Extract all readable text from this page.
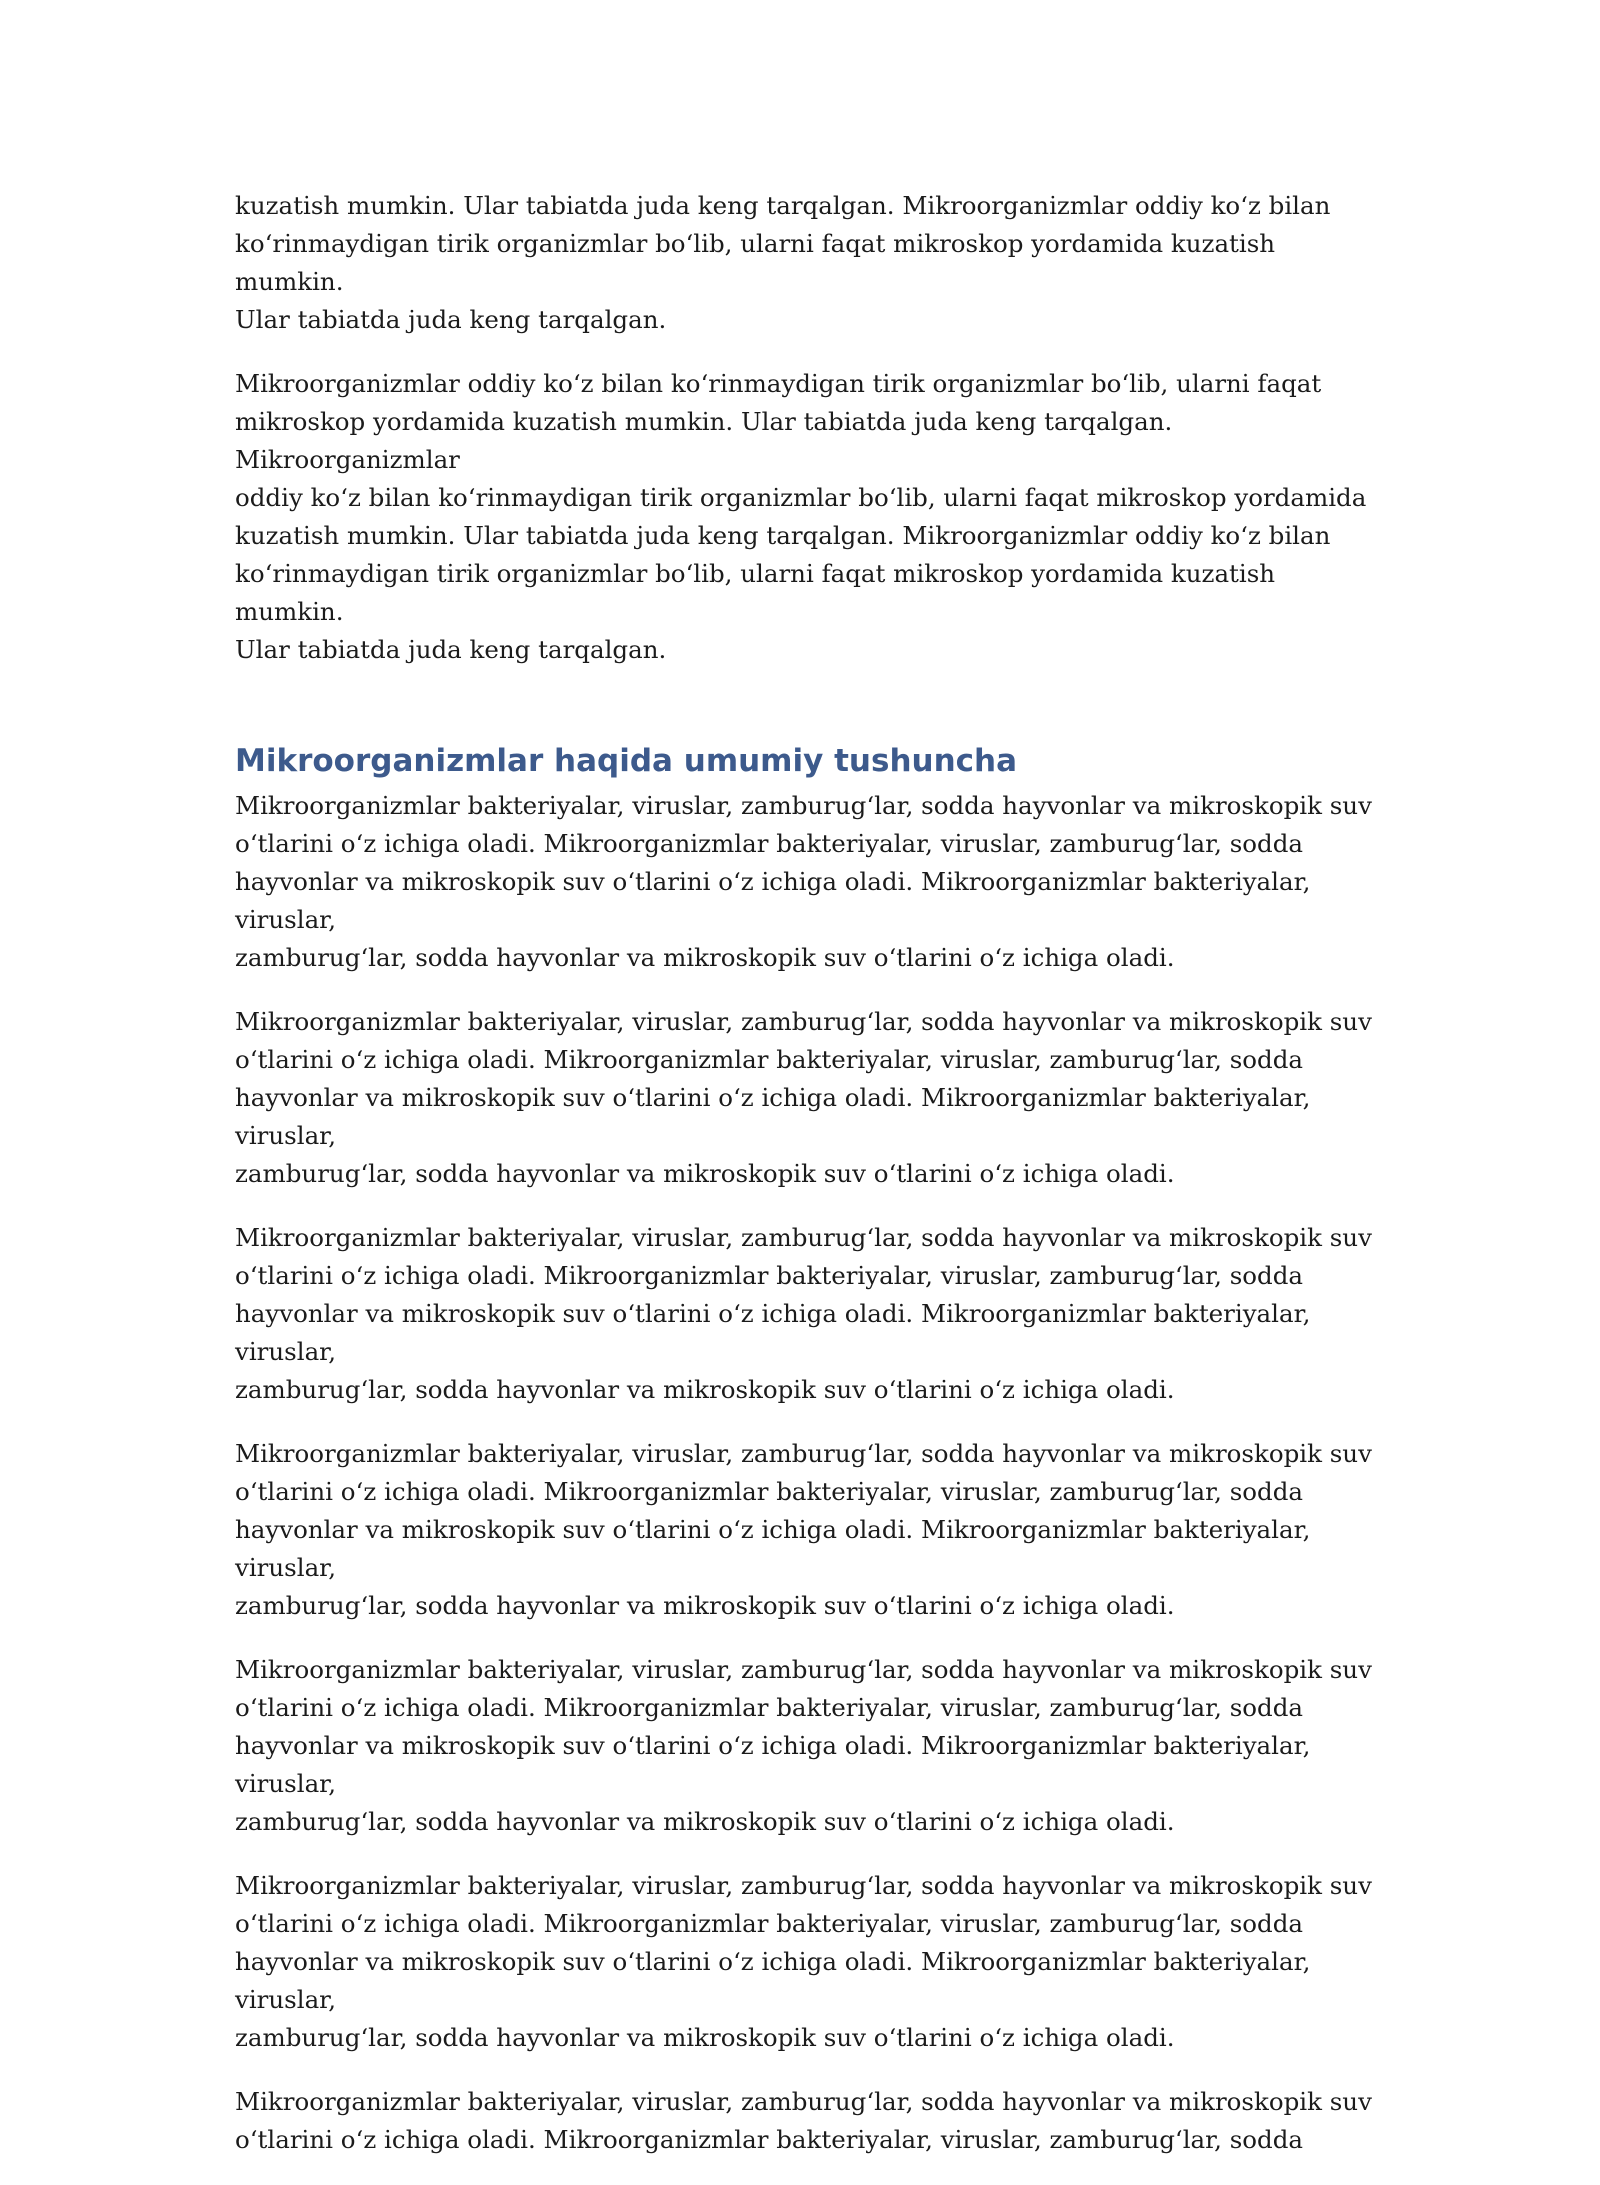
kuzatish mumkin. Ular tabiatda juda keng tarqalgan. Mikroorganizmlar oddiy ko‘z bilan
ko‘rinmaydigan tirik organizmlar bo‘lib, ularni faqat mikroskop yordamida kuzatish mumkin.
Ular tabiatda juda keng tarqalgan.

Mikroorganizmlar oddiy ko‘z bilan ko‘rinmaydigan tirik organizmlar bo‘lib, ularni faqat
mikroskop yordamida kuzatish mumkin. Ular tabiatda juda keng tarqalgan. Mikroorganizmlar
oddiy ko‘z bilan ko‘rinmaydigan tirik organizmlar bo‘lib, ularni faqat mikroskop yordamida
kuzatish mumkin. Ular tabiatda juda keng tarqalgan. Mikroorganizmlar oddiy ko‘z bilan
ko‘rinmaydigan tirik organizmlar bo‘lib, ularni faqat mikroskop yordamida kuzatish mumkin.
Ular tabiatda juda keng tarqalgan.

Mikroorganizmlar haqida umumiy tushuncha

Mikroorganizmlar bakteriyalar, viruslar, zamburug‘lar, sodda hayvonlar va mikroskopik suv
o‘tlarini o‘z ichiga oladi. Mikroorganizmlar bakteriyalar, viruslar, zamburug‘lar, sodda
hayvonlar va mikroskopik suv o‘tlarini o‘z ichiga oladi. Mikroorganizmlar bakteriyalar, viruslar,
zamburug‘lar, sodda hayvonlar va mikroskopik suv o‘tlarini o‘z ichiga oladi.

Mikroorganizmlar bakteriyalar, viruslar, zamburug‘lar, sodda hayvonlar va mikroskopik suv
o‘tlarini o‘z ichiga oladi. Mikroorganizmlar bakteriyalar, viruslar, zamburug‘lar, sodda
hayvonlar va mikroskopik suv o‘tlarini o‘z ichiga oladi. Mikroorganizmlar bakteriyalar, viruslar,
zamburug‘lar, sodda hayvonlar va mikroskopik suv o‘tlarini o‘z ichiga oladi.

Mikroorganizmlar bakteriyalar, viruslar, zamburug‘lar, sodda hayvonlar va mikroskopik suv
o‘tlarini o‘z ichiga oladi. Mikroorganizmlar bakteriyalar, viruslar, zamburug‘lar, sodda
hayvonlar va mikroskopik suv o‘tlarini o‘z ichiga oladi. Mikroorganizmlar bakteriyalar, viruslar,
zamburug‘lar, sodda hayvonlar va mikroskopik suv o‘tlarini o‘z ichiga oladi.

Mikroorganizmlar bakteriyalar, viruslar, zamburug‘lar, sodda hayvonlar va mikroskopik suv
o‘tlarini o‘z ichiga oladi. Mikroorganizmlar bakteriyalar, viruslar, zamburug‘lar, sodda
hayvonlar va mikroskopik suv o‘tlarini o‘z ichiga oladi. Mikroorganizmlar bakteriyalar, viruslar,
zamburug‘lar, sodda hayvonlar va mikroskopik suv o‘tlarini o‘z ichiga oladi.

Mikroorganizmlar bakteriyalar, viruslar, zamburug‘lar, sodda hayvonlar va mikroskopik suv
o‘tlarini o‘z ichiga oladi. Mikroorganizmlar bakteriyalar, viruslar, zamburug‘lar, sodda
hayvonlar va mikroskopik suv o‘tlarini o‘z ichiga oladi. Mikroorganizmlar bakteriyalar, viruslar,
zamburug‘lar, sodda hayvonlar va mikroskopik suv o‘tlarini o‘z ichiga oladi.

Mikroorganizmlar bakteriyalar, viruslar, zamburug‘lar, sodda hayvonlar va mikroskopik suv
o‘tlarini o‘z ichiga oladi. Mikroorganizmlar bakteriyalar, viruslar, zamburug‘lar, sodda
hayvonlar va mikroskopik suv o‘tlarini o‘z ichiga oladi. Mikroorganizmlar bakteriyalar, viruslar,
zamburug‘lar, sodda hayvonlar va mikroskopik suv o‘tlarini o‘z ichiga oladi.

Mikroorganizmlar bakteriyalar, viruslar, zamburug‘lar, sodda hayvonlar va mikroskopik suv
o‘tlarini o‘z ichiga oladi. Mikroorganizmlar bakteriyalar, viruslar, zamburug‘lar, sodda
